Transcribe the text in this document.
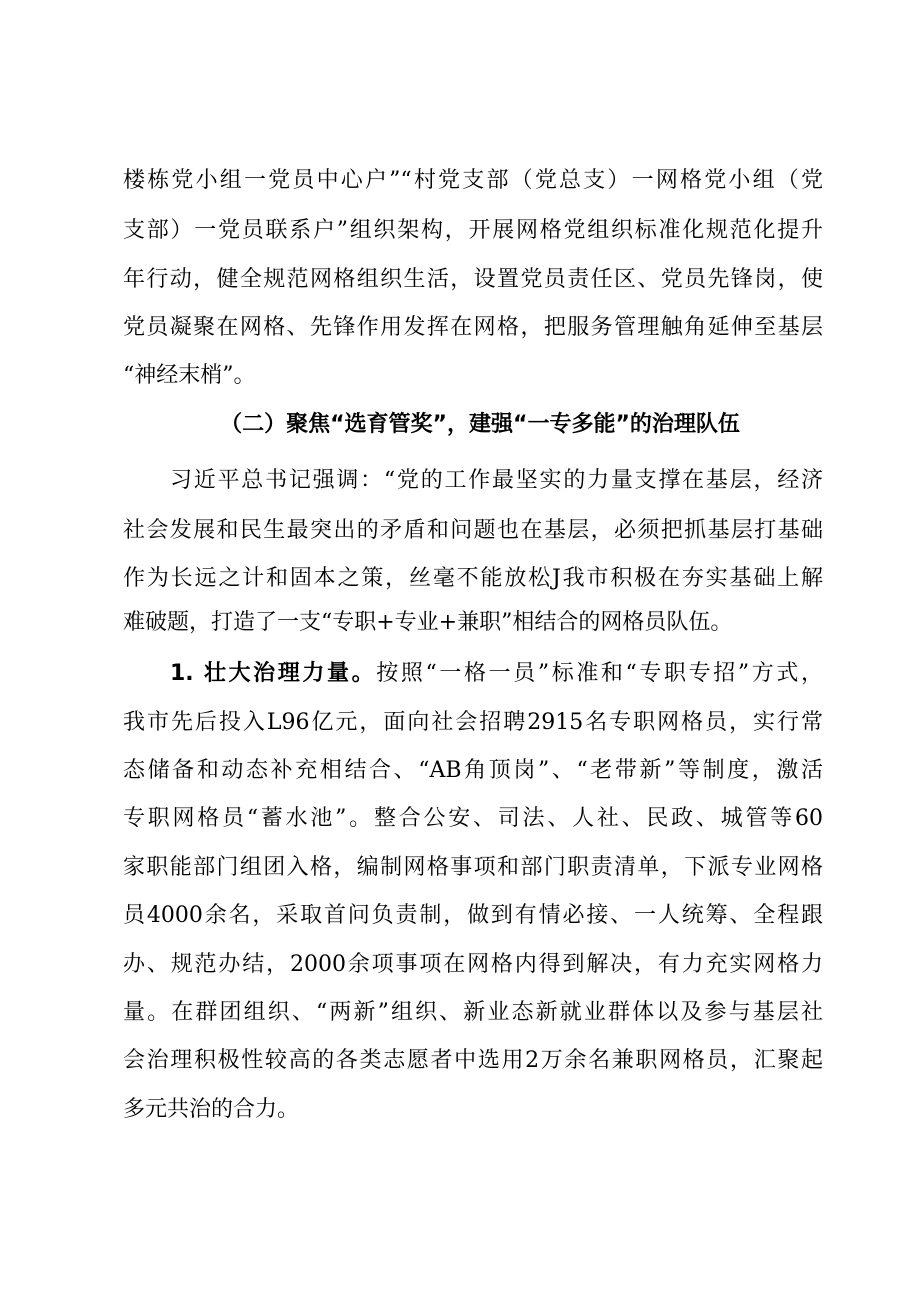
楼栋党小组一党员中心户”“村党支部（党总支）一网格党小组（党
支部）一党员联系户”组织架构，开展网格党组织标准化规范化提升
年行动，健全规范网格组织生活，设置党员责任区、党员先锋岗，使
党员凝聚在网格、先锋作用发挥在网格，把服务管理触角延伸至基层
“神经末梢”。
（二）聚焦“选育管奖”，建强“一专多能”的治理队伍
习近平总书记强调：“党的工作最坚实的力量支撑在基层，经济
社会发展和民生最突出的矛盾和问题也在基层，必须把抓基层打基础
作为长远之计和固本之策，丝毫不能放松J我市积极在夯实基础上解
难破题，打造了一支“专职+专业+兼职”相结合的网格员队伍。
1. 壮大治理力量。按照“一格一员”标准和“专职专招”方式，
我市先后投入L96亿元，面向社会招聘2915名专职网格员，实行常
态储备和动态补充相结合、“AB角顶岗”、“老带新”等制度，激活
专职网格员“蓄水池”。整合公安、司法、人社、民政、城管等60
家职能部门组团入格，编制网格事项和部门职责清单，下派专业网格
员4000余名，采取首问负责制，做到有情必接、一人统筹、全程跟
办、规范办结，2000余项事项在网格内得到解决，有力充实网格力
量。在群团组织、“两新”组织、新业态新就业群体以及参与基层社
会治理积极性较高的各类志愿者中选用2万余名兼职网格员，汇聚起
多元共治的合力。
